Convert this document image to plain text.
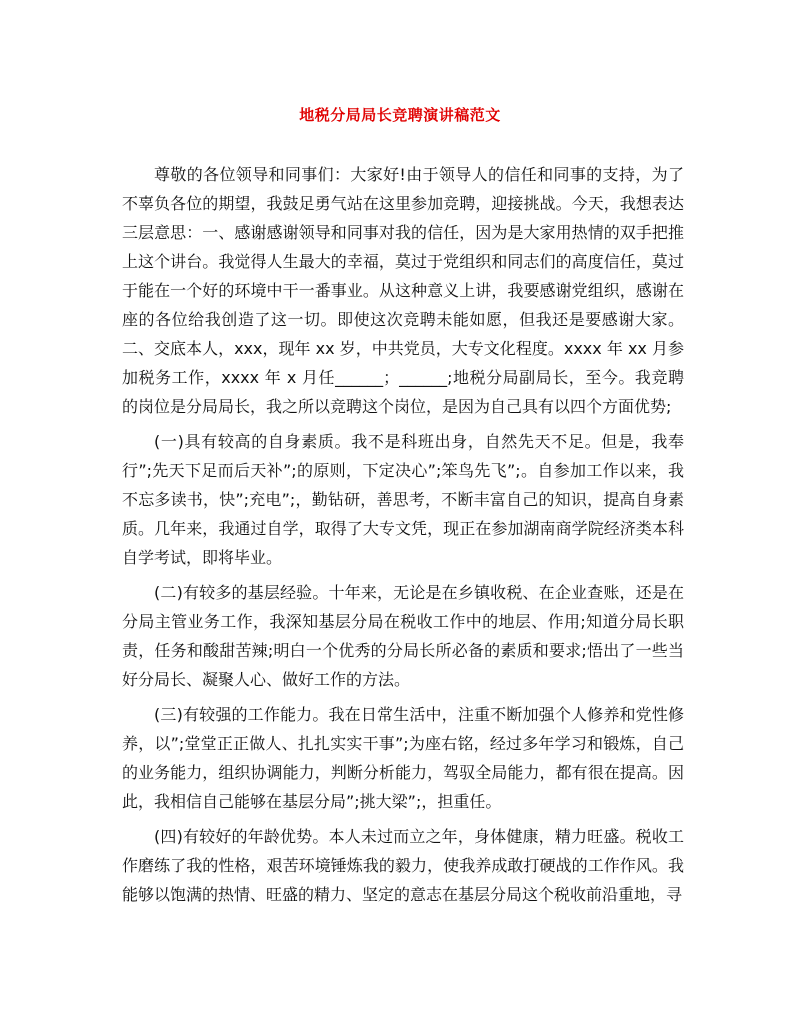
地税分局局长竞聘演讲稿范文

尊敬的各位领导和同事们：大家好!由于领导人的信任和同事的支持，为了不辜负各位的期望，我鼓足勇气站在这里参加竞聘，迎接挑战。今天，我想表达三层意思：一、感谢感谢领导和同事对我的信任，因为是大家用热情的双手把推上这个讲台。我觉得人生最大的幸福，莫过于党组织和同志们的高度信任，莫过于能在一个好的环境中干一番事业。从这种意义上讲，我要感谢党组织，感谢在座的各位给我创造了这一切。即使这次竞聘未能如愿，但我还是要感谢大家。二、交底本人，xxx，现年 xx 岁，中共党员，大专文化程度。xxxx 年 xx 月参加税务工作，xxxx 年 x 月任______；______;地税分局副局长，至今。我竞聘的岗位是分局局长，我之所以竞聘这个岗位，是因为自己具有以四个方面优势;

(一)具有较高的自身素质。我不是科班出身，自然先天不足。但是，我奉行”;先天下足而后天补”;的原则，下定决心”;笨鸟先飞”;。自参加工作以来，我不忘多读书，快”;充电”;，勤钻研，善思考，不断丰富自己的知识，提高自身素质。几年来，我通过自学，取得了大专文凭，现正在参加湖南商学院经济类本科自学考试，即将毕业。

(二)有较多的基层经验。十年来，无论是在乡镇收税、在企业查账，还是在分局主管业务工作，我深知基层分局在税收工作中的地层、作用;知道分局长职责，任务和酸甜苦辣;明白一个优秀的分局长所必备的素质和要求;悟出了一些当好分局长、凝聚人心、做好工作的方法。

(三)有较强的工作能力。我在日常生活中，注重不断加强个人修养和党性修养，以”;堂堂正正做人、扎扎实实干事”;为座右铭，经过多年学习和锻炼，自己的业务能力，组织协调能力，判断分析能力，驾驭全局能力，都有很在提高。因此，我相信自己能够在基层分局”;挑大梁”;，担重任。

(四)有较好的年龄优势。本人未过而立之年，身体健康，精力旺盛。税收工作磨练了我的性格，艰苦环境锤炼我的毅力，使我养成敢打硬战的工作作风。我能够以饱满的热情、旺盛的精力、坚定的意志在基层分局这个税收前沿重地，寻
